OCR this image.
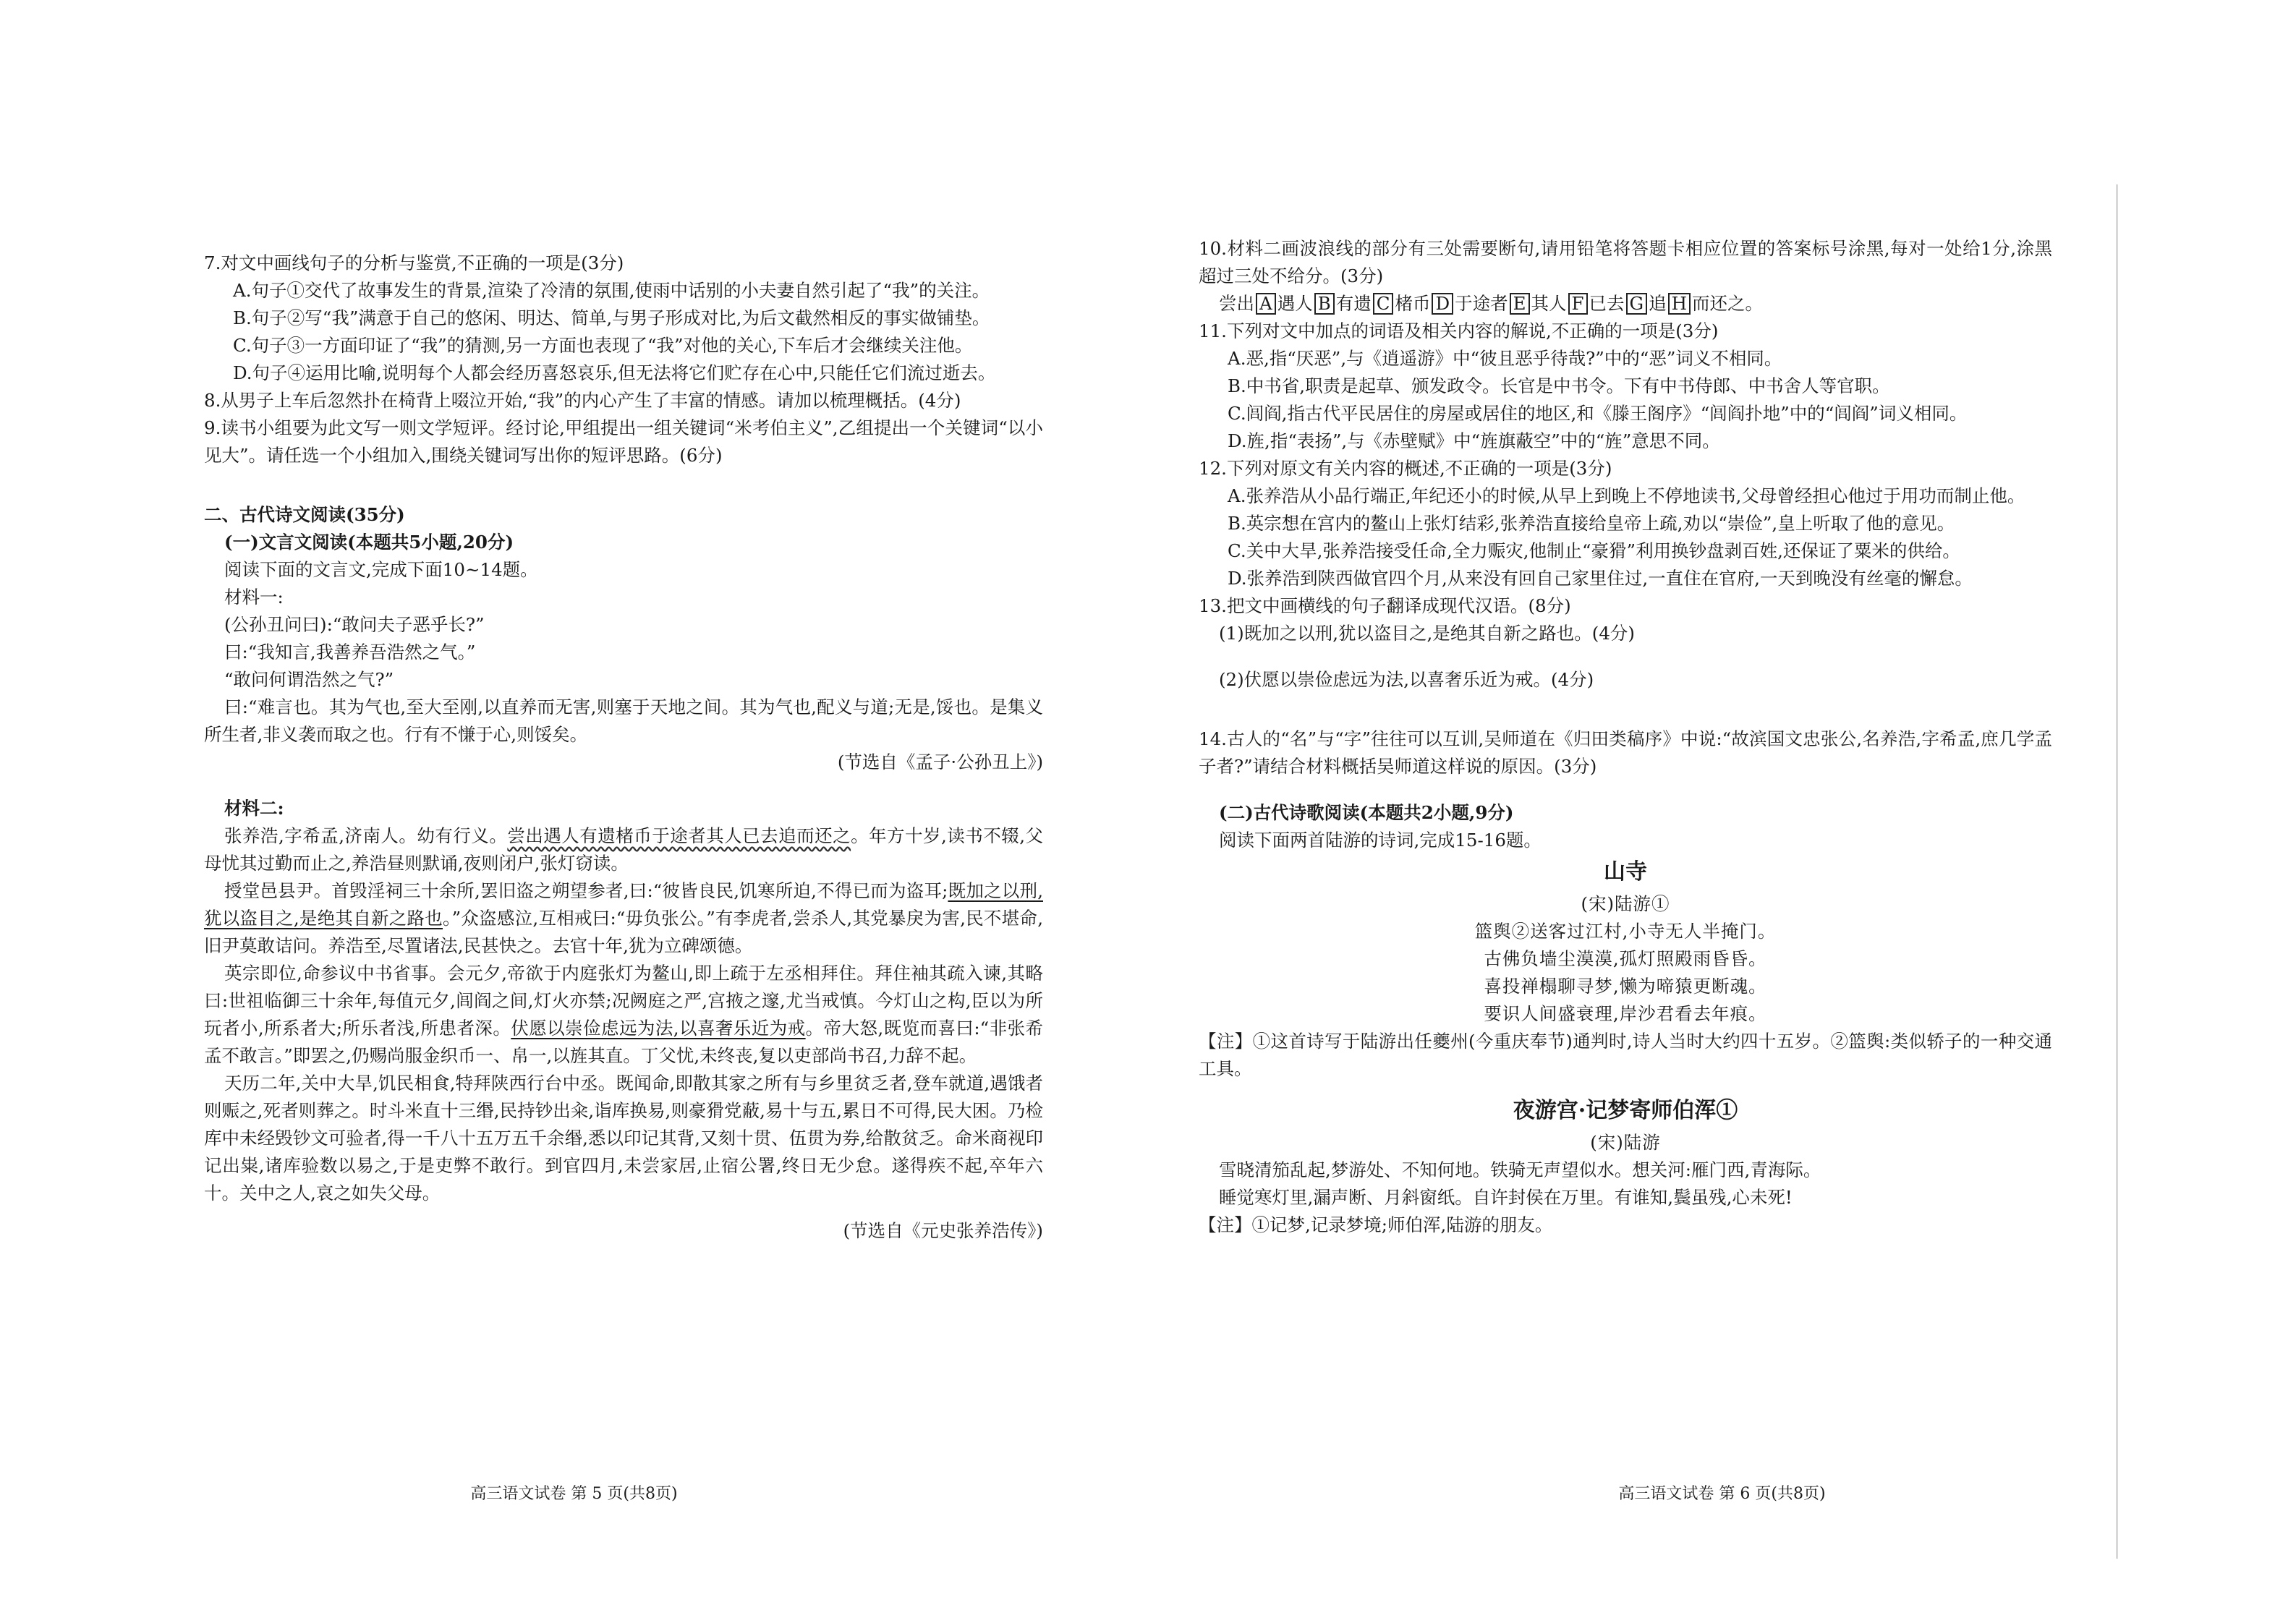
7.对文中画线句子的分析与鉴赏,不正确的一项是(3分)

A.句子①交代了故事发生的背景,渲染了冷清的氛围,使雨中话别的小夫妻自然引起了“我”的关注。

B.句子②写“我”满意于自己的悠闲、明达、简单,与男子形成对比,为后文截然相反的事实做铺垫。

C.句子③一方面印证了“我”的猜测,另一方面也表现了“我”对他的关心,下车后才会继续关注他。

D.句子④运用比喻,说明每个人都会经历喜怒哀乐,但无法将它们贮存在心中,只能任它们流过逝去。

8.从男子上车后忽然扑在椅背上啜泣开始,“我”的内心产生了丰富的情感。请加以梳理概括。(4分)

9.读书小组要为此文写一则文学短评。经讨论,甲组提出一组关键词“米考伯主义”,乙组提出一个关键词“以小见大”。请任选一个小组加入,围绕关键词写出你的短评思路。(6分)

二、古代诗文阅读(35分)

(一)文言文阅读(本题共5小题,20分)

阅读下面的文言文,完成下面10~14题。

材料一:

(公孙丑问曰):“敢问夫子恶乎长?”

曰:“我知言,我善养吾浩然之气。”

“敢问何谓浩然之气?”

曰:“难言也。其为气也,至大至刚,以直养而无害,则塞于天地之间。其为气也,配义与道;无是,馁也。是集义所生者,非义袭而取之也。行有不慊于心,则馁矣。

(节选自《孟子·公孙丑上》)

材料二:

张养浩,字希孟,济南人。幼有行义。尝出遇人有遗楮币于途者其人已去追而还之。年方十岁,读书不辍,父母忧其过勤而止之,养浩昼则默诵,夜则闭户,张灯窃读。

授堂邑县尹。首毁淫祠三十余所,罢旧盗之朔望参者,曰:“彼皆良民,饥寒所迫,不得已而为盗耳;既加之以刑,犹以盗目之,是绝其自新之路也。”众盗感泣,互相戒曰:“毋负张公。”有李虎者,尝杀人,其党暴戾为害,民不堪命,旧尹莫敢诘问。养浩至,尽置诸法,民甚快之。去官十年,犹为立碑颂德。

英宗即位,命参议中书省事。会元夕,帝欲于内庭张灯为鳌山,即上疏于左丞相拜住。拜住袖其疏入谏,其略曰:世祖临御三十余年,每值元夕,闾阎之间,灯火亦禁;况阙庭之严,宫掖之邃,尤当戒慎。今灯山之构,臣以为所玩者小,所系者大;所乐者浅,所患者深。伏愿以崇俭虑远为法,以喜奢乐近为戒。帝大怒,既览而喜曰:“非张希孟不敢言。”即罢之,仍赐尚服金织币一、帛一,以旌其直。丁父忧,未终丧,复以吏部尚书召,力辞不起。

天历二年,关中大旱,饥民相食,特拜陕西行台中丞。既闻命,即散其家之所有与乡里贫乏者,登车就道,遇饿者则赈之,死者则葬之。时斗米直十三缗,民持钞出籴,诣库换易,则豪猾党蔽,易十与五,累日不可得,民大困。乃检库中未经毁钞文可验者,得一千八十五万五千余缗,悉以印记其背,又刻十贯、伍贯为券,给散贫乏。命米商视印记出粜,诸库验数以易之,于是吏弊不敢行。到官四月,未尝家居,止宿公署,终日无少怠。遂得疾不起,卒年六十。关中之人,哀之如失父母。

(节选自《元史张养浩传》)

高三语文试卷 第 5 页(共8页)

10.材料二画波浪线的部分有三处需要断句,请用铅笔将答题卡相应位置的答案标号涂黑,每对一处给1分,涂黑超过三处不给分。(3分)

尝出 A 遇人 B 有遗 C 楮币 D 于途者 E 其人 F 已去 G 追 H 而还之。

11.下列对文中加点的词语及相关内容的解说,不正确的一项是(3分)

A.恶,指“厌恶”,与《逍遥游》中“彼且恶乎待哉?”中的“恶”词义不相同。

B.中书省,职责是起草、颁发政令。长官是中书令。下有中书侍郎、中书舍人等官职。

C.闾阎,指古代平民居住的房屋或居住的地区,和《滕王阁序》“闾阎扑地”中的“闾阎”词义相同。

D.旌,指“表扬”,与《赤壁赋》中“旌旗蔽空”中的“旌”意思不同。

12.下列对原文有关内容的概述,不正确的一项是(3分)

A.张养浩从小品行端正,年纪还小的时候,从早上到晚上不停地读书,父母曾经担心他过于用功而制止他。

B.英宗想在宫内的鳌山上张灯结彩,张养浩直接给皇帝上疏,劝以“崇俭”,皇上听取了他的意见。

C.关中大旱,张养浩接受任命,全力赈灾,他制止“豪猾”利用换钞盘剥百姓,还保证了粟米的供给。

D.张养浩到陕西做官四个月,从来没有回自己家里住过,一直住在官府,一天到晚没有丝毫的懈怠。

13.把文中画横线的句子翻译成现代汉语。(8分)

(1)既加之以刑,犹以盗目之,是绝其自新之路也。(4分)

(2)伏愿以崇俭虑远为法,以喜奢乐近为戒。(4分)

14.古人的“名”与“字”往往可以互训,吴师道在《归田类稿序》中说:“故滨国文忠张公,名养浩,字希孟,庶几学孟子者?”请结合材料概括吴师道这样说的原因。(3分)

(二)古代诗歌阅读(本题共2小题,9分)

阅读下面两首陆游的诗词,完成15-16题。

山寺

(宋)陆游①

篮舆②送客过江村,小寺无人半掩门。

古佛负墙尘漠漠,孤灯照殿雨昏昏。

喜投禅榻聊寻梦,懒为啼猿更断魂。

要识人间盛衰理,岸沙君看去年痕。

【注】①这首诗写于陆游出任夔州(今重庆奉节)通判时,诗人当时大约四十五岁。②篮舆:类似轿子的一种交通工具。

夜游宫·记梦寄师伯浑①

(宋)陆游

雪晓清笳乱起,梦游处、不知何地。铁骑无声望似水。想关河:雁门西,青海际。

睡觉寒灯里,漏声断、月斜窗纸。自许封侯在万里。有谁知,鬓虽残,心未死!

【注】①记梦,记录梦境;师伯浑,陆游的朋友。

高三语文试卷 第 6 页(共8页)
